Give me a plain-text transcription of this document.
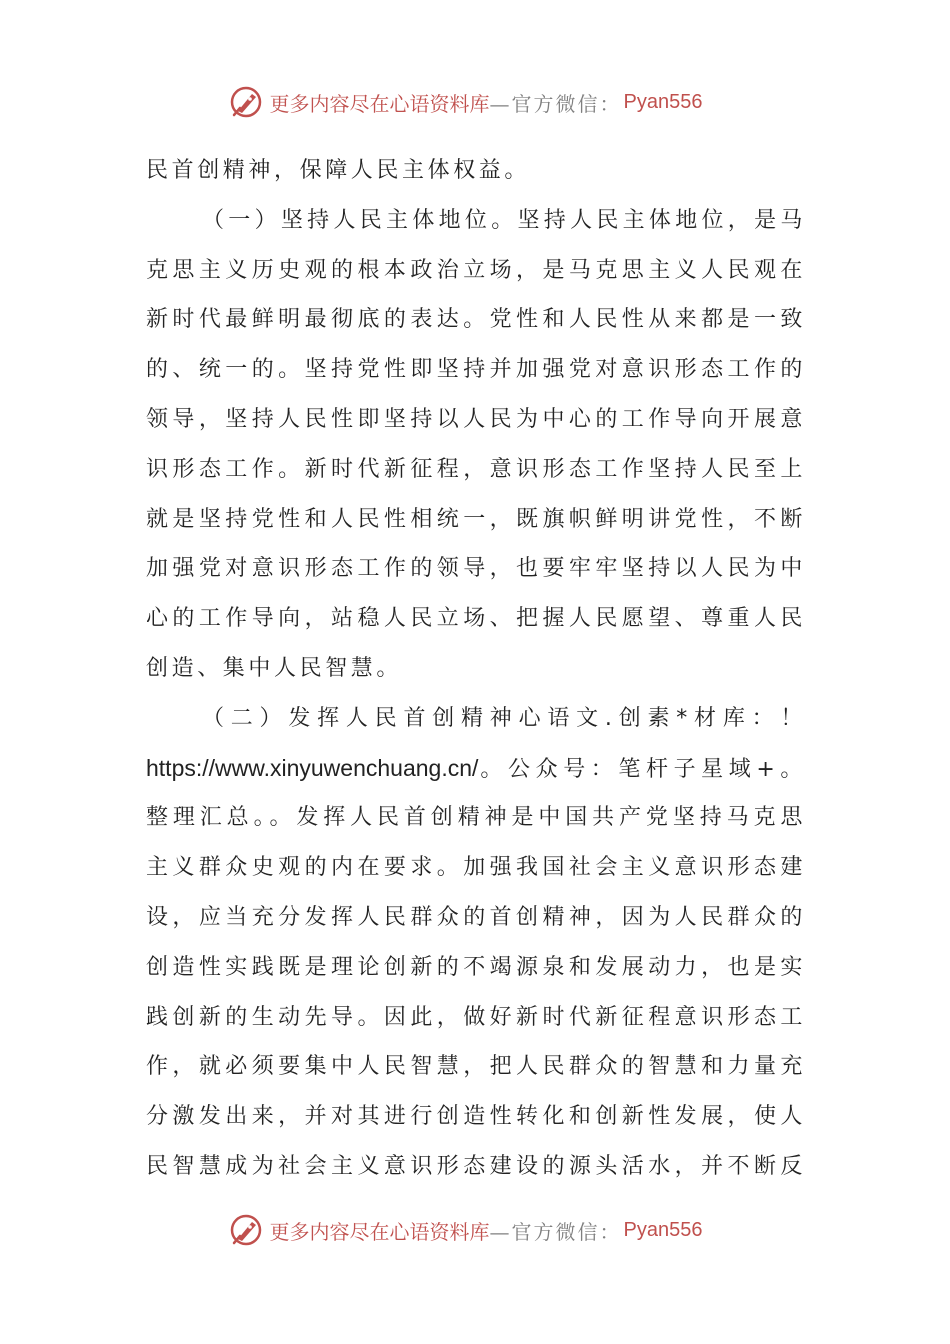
更多内容尽在心语资料库 —官方微信： Pyan556
民首创精神，保障人民主体权益。
（一）坚持人民主体地位。坚持人民主体地位，是马
克思主义历史观的根本政治立场，是马克思主义人民观在
新时代最鲜明最彻底的表达。党性和人民性从来都是一致
的、统一的。坚持党性即坚持并加强党对意识形态工作的
领导，坚持人民性即坚持以人民为中心的工作导向开展意
识形态工作。新时代新征程，意识形态工作坚持人民至上
就是坚持党性和人民性相统一，既旗帜鲜明讲党性，不断
加强党对意识形态工作的领导，也要牢牢坚持以人民为中
心的工作导向，站稳人民立场、把握人民愿望、尊重人民
创造、集中人民智慧。
（二）发挥人民首创精神心语文.创素*材库：！
https://www.xinyuwenchuang.cn/。公众号：笔杆子星域+。
整理汇总。。发挥人民首创精神是中国共产党坚持马克思
主义群众史观的内在要求。加强我国社会主义意识形态建
设，应当充分发挥人民群众的首创精神，因为人民群众的
创造性实践既是理论创新的不竭源泉和发展动力，也是实
践创新的生动先导。因此，做好新时代新征程意识形态工
作，就必须要集中人民智慧，把人民群众的智慧和力量充
分激发出来，并对其进行创造性转化和创新性发展，使人
民智慧成为社会主义意识形态建设的源头活水，并不断反
更多内容尽在心语资料库 —官方微信： Pyan556
